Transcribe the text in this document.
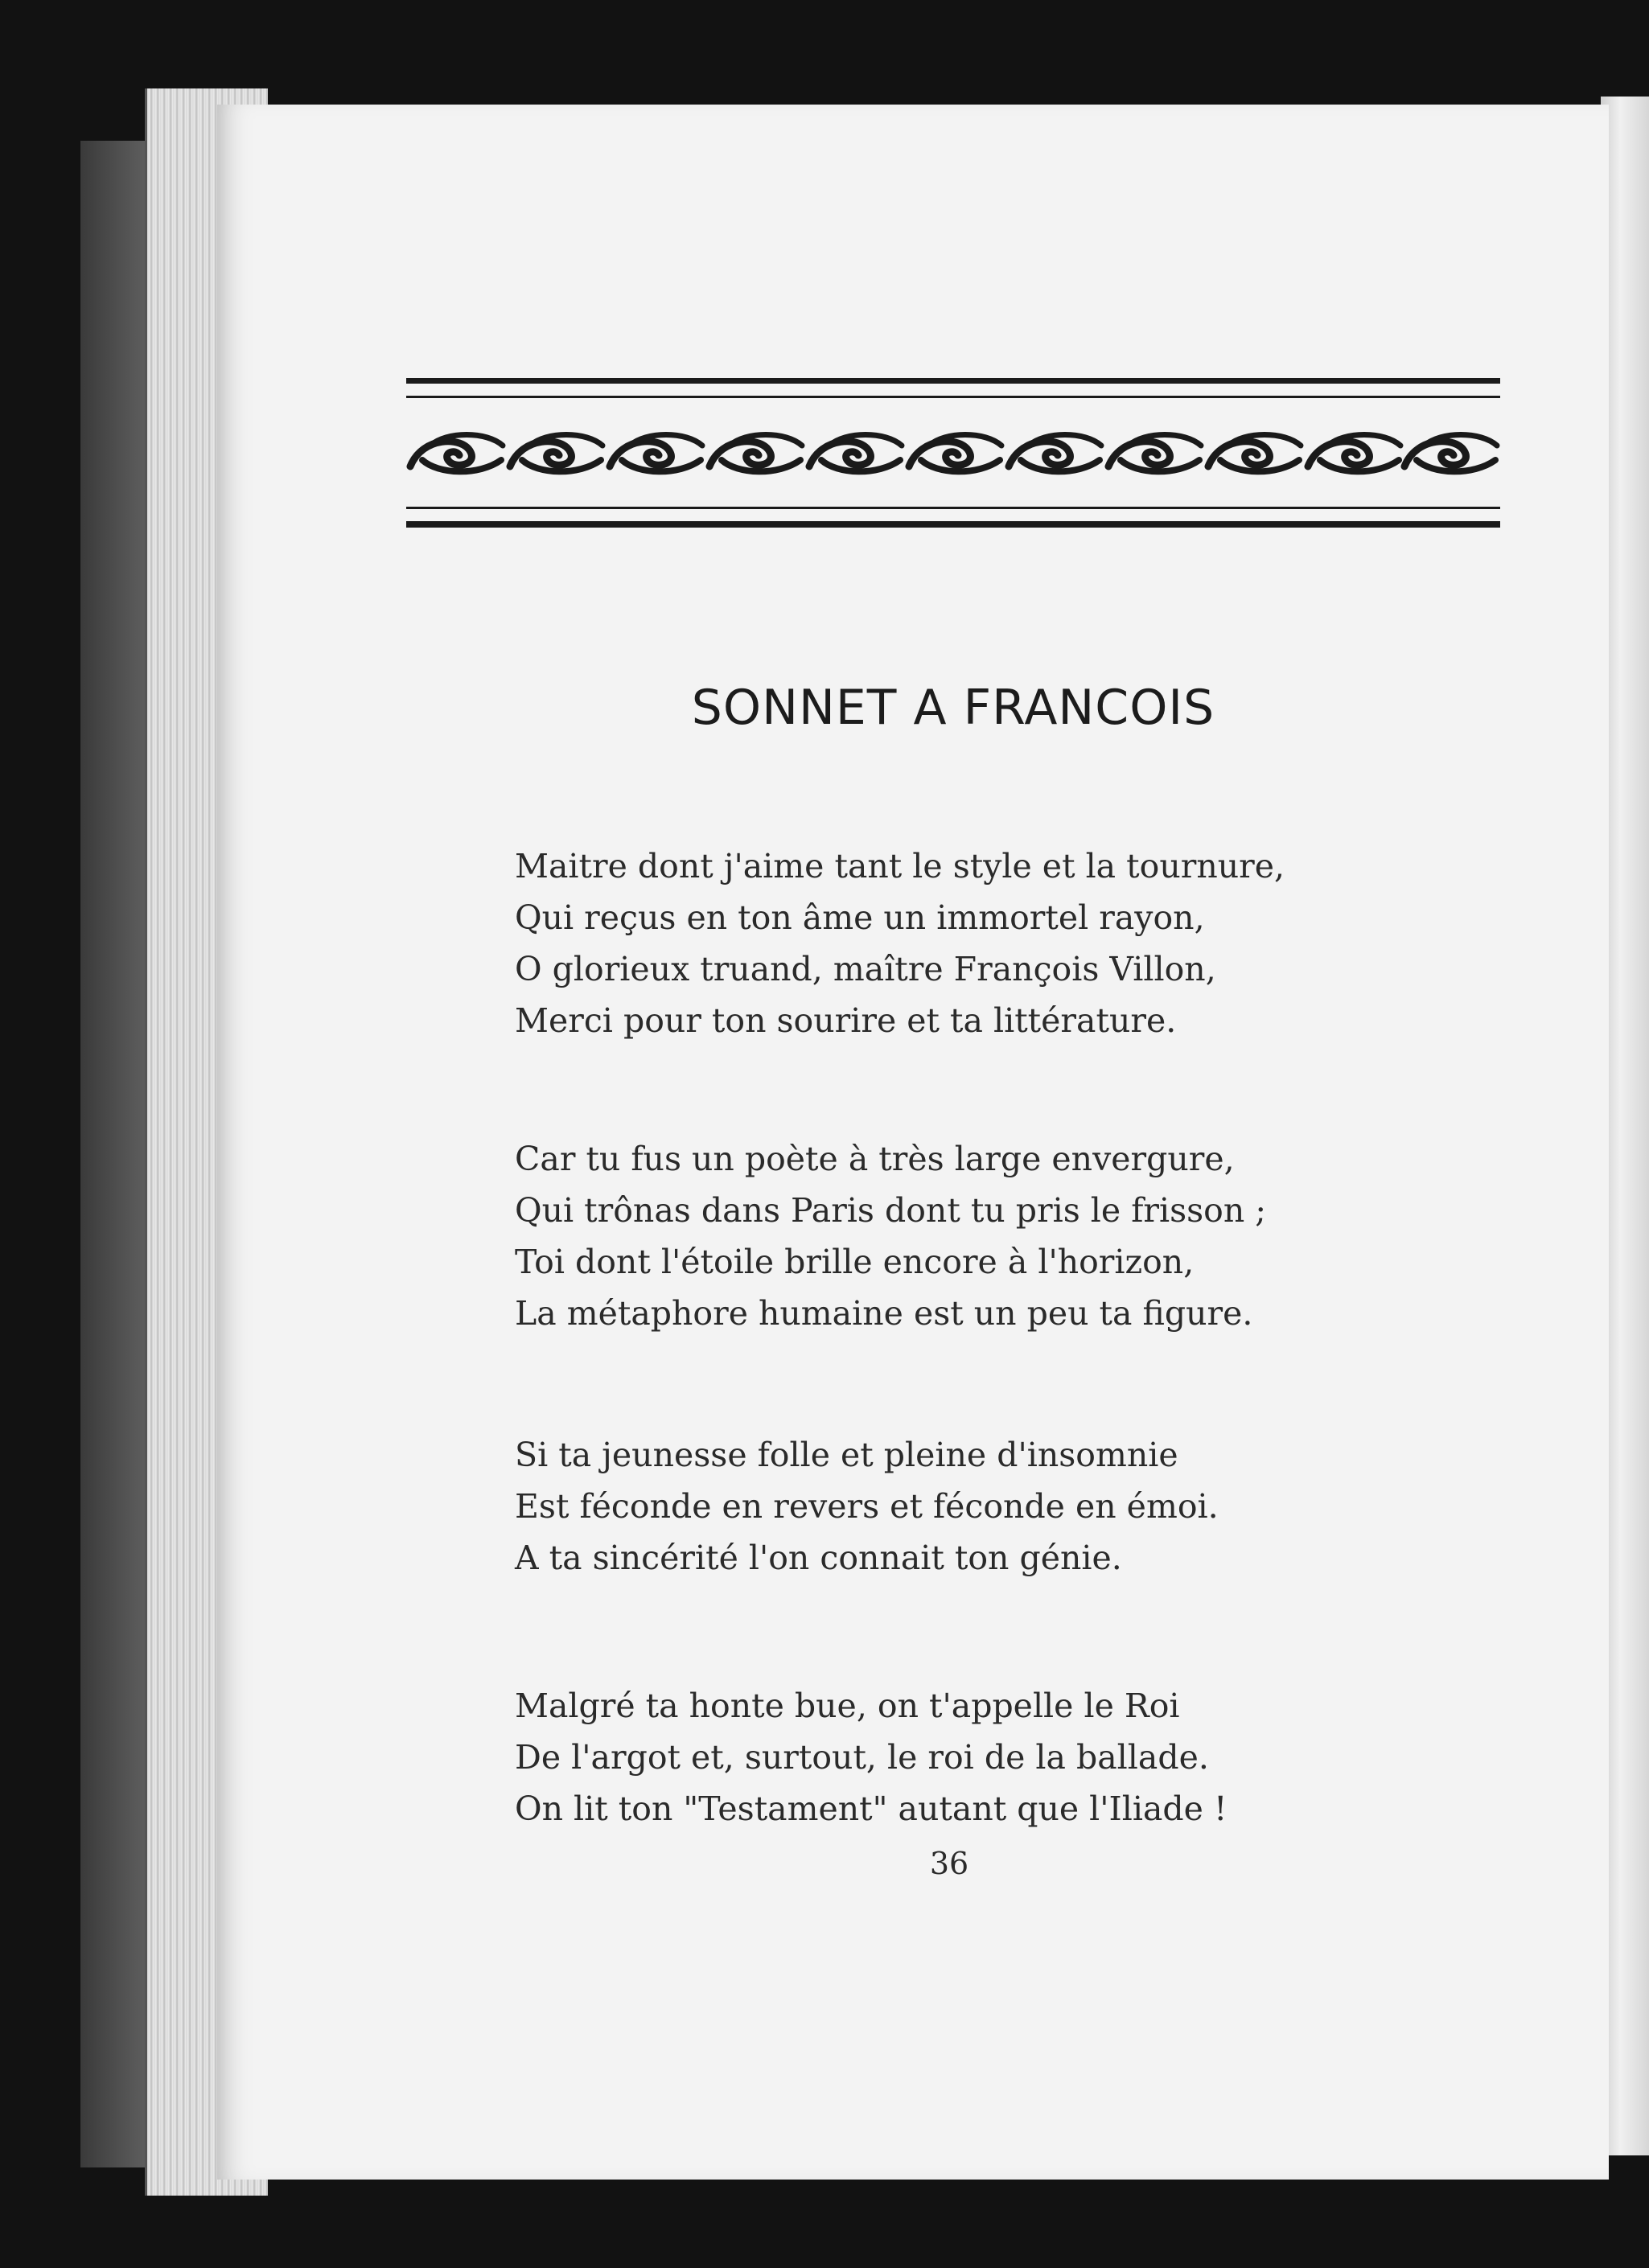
SONNET A FRANCOIS
Maitre dont j'aime tant le style et la tournure,
Qui reçus en ton âme un immortel rayon,
O glorieux truand, maître François Villon,
Merci pour ton sourire et ta littérature.
Car tu fus un poète à très large envergure,
Qui trônas dans Paris dont tu pris le frisson ;
Toi dont l'étoile brille encore à l'horizon,
La métaphore humaine est un peu ta figure.
Si ta jeunesse folle et pleine d'insomnie
Est féconde en revers et féconde en émoi.
A ta sincérité l'on connait ton génie.
Malgré ta honte bue, on t'appelle le Roi
De l'argot et, surtout, le roi de la ballade.
On lit ton "Testament" autant que l'Iliade !
36
